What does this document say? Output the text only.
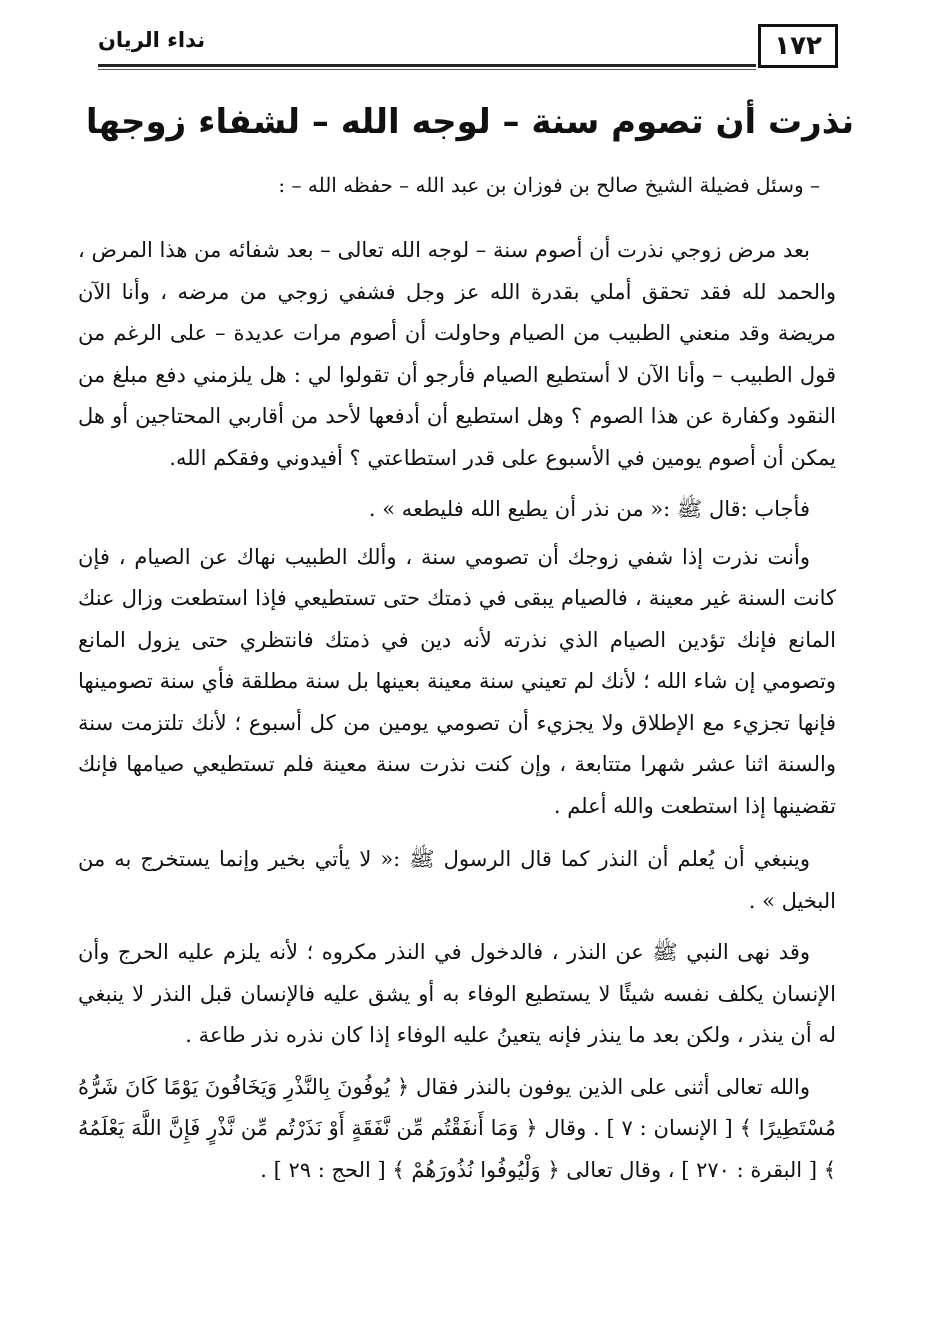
١٧٢
نداء الريان
نذرت أن تصوم سنة – لوجه الله – لشفاء زوجها

– وسئل فضيلة الشيخ صالح بن فوزان بن عبد الله – حفظه الله – :

بعد مرض زوجي نذرت أن أصوم سنة – لوجه الله تعالى – بعد شفائه من هذا المرض ، والحمد لله فقد تحقق أملي بقدرة الله عز وجل فشفي زوجي من مرضه ، وأنا الآن مريضة وقد منعني الطبيب من الصيام وحاولت أن أصوم مرات عديدة – على الرغم من قول الطبيب – وأنا الآن لا أستطيع الصيام فأرجو أن تقولوا لي : هل يلزمني دفع مبلغ من النقود وكفارة عن هذا الصوم ؟ وهل استطيع أن أدفعها لأحد من أقاربي المحتاجين أو هل يمكن أن أصوم يومين في الأسبوع على قدر استطاعتي ؟ أفيدوني وفقكم الله.

فأجاب :قال ﷺ :« من نذر أن يطيع الله فليطعه » .

وأنت نذرت إذا شفي زوجك أن تصومي سنة ، وألك الطبيب نهاك عن الصيام ، فإن كانت السنة غير معينة ، فالصيام يبقى في ذمتك حتى تستطيعي فإذا استطعت وزال عنك المانع فإنك تؤدين الصيام الذي نذرته لأنه دين في ذمتك فانتظري حتى يزول المانع وتصومي إن شاء الله ؛ لأنك لم تعيني سنة معينة بعينها بل سنة مطلقة فأي سنة تصومينها فإنها تجزيء مع الإطلاق ولا يجزيء أن تصومي يومين من كل أسبوع ؛ لأنك تلتزمت سنة والسنة اثنا عشر شهرا متتابعة ، وإن كنت نذرت سنة معينة فلم تستطيعي صيامها فإنك تقضينها إذا استطعت والله أعلم .

وينبغي أن يُعلم أن النذر كما قال الرسول ﷺ :« لا يأتي بخير وإنما يستخرج به من البخيل » .

وقد نهى النبي ﷺ عن النذر ، فالدخول في النذر مكروه ؛ لأنه يلزم عليه الحرج وأن الإنسان يكلف نفسه شيئًا لا يستطيع الوفاء به أو يشق عليه فالإنسان قبل النذر لا ينبغي له أن ينذر ، ولكن بعد ما ينذر فإنه يتعينُ عليه الوفاء إذا كان نذره نذر طاعة .

والله تعالى أثنى على الذين يوفون بالنذر فقال ﴿ يُوفُونَ بِالنَّذْرِ وَيَخَافُونَ يَوْمًا كَانَ شَرُّهُ مُسْتَطِيرًا ﴾ [ الإنسان : ٧ ] . وقال ﴿ وَمَا أَنفَقْتُم مِّن نَّفَقَةٍ أَوْ نَذَرْتُم مِّن نَّذْرٍ فَإِنَّ اللَّهَ يَعْلَمُهُ ﴾ [ البقرة : ٢٧٠ ] ، وقال تعالى ﴿ وَلْيُوفُوا نُذُورَهُمْ ﴾ [ الحج : ٢٩ ] .
